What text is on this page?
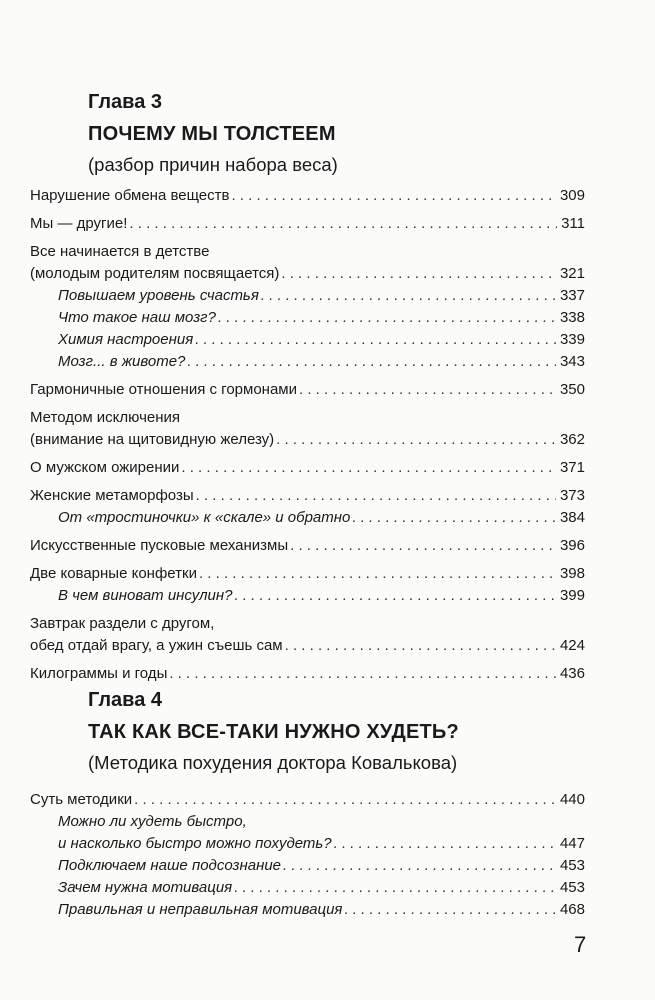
Глава 3
ПОЧЕМУ МЫ ТОЛСТЕЕМ
(разбор причин набора веса)
Нарушение обмена веществ . . .	309
Мы — другие! . . .	311
Все начинается в детстве
(молодым родителям посвящается) . . .	321
Повышаем уровень счастья . . .	337
Что такое наш мозг? . . .	338
Химия настроения . . .	339
Мозг... в животе? . . .	343
Гармоничные отношения с гормонами . . .	350
Методом исключения
(внимание на щитовидную железу) . . .	362
О мужском ожирении . . .	371
Женские метаморфозы . . .	373
От «тростиночки» к «скале» и обратно . . .	384
Искусственные пусковые механизмы . . .	396
Две коварные конфетки . . .	398
В чем виноват инсулин? . . .	399
Завтрак раздели с другом,
обед отдай врагу, а ужин съешь сам . . .	424
Килограммы и годы . . .	436
Глава 4
ТАК КАК ВСЕ-ТАКИ НУЖНО ХУДЕТЬ?
(Методика похудения доктора Ковалькова)
Суть методики . . .	440
Можно ли худеть быстро,
и насколько быстро можно похудеть? . . .	447
Подключаем наше подсознание . . .	453
Зачем нужна мотивация . . .	453
Правильная и неправильная мотивация . . .	468
7
